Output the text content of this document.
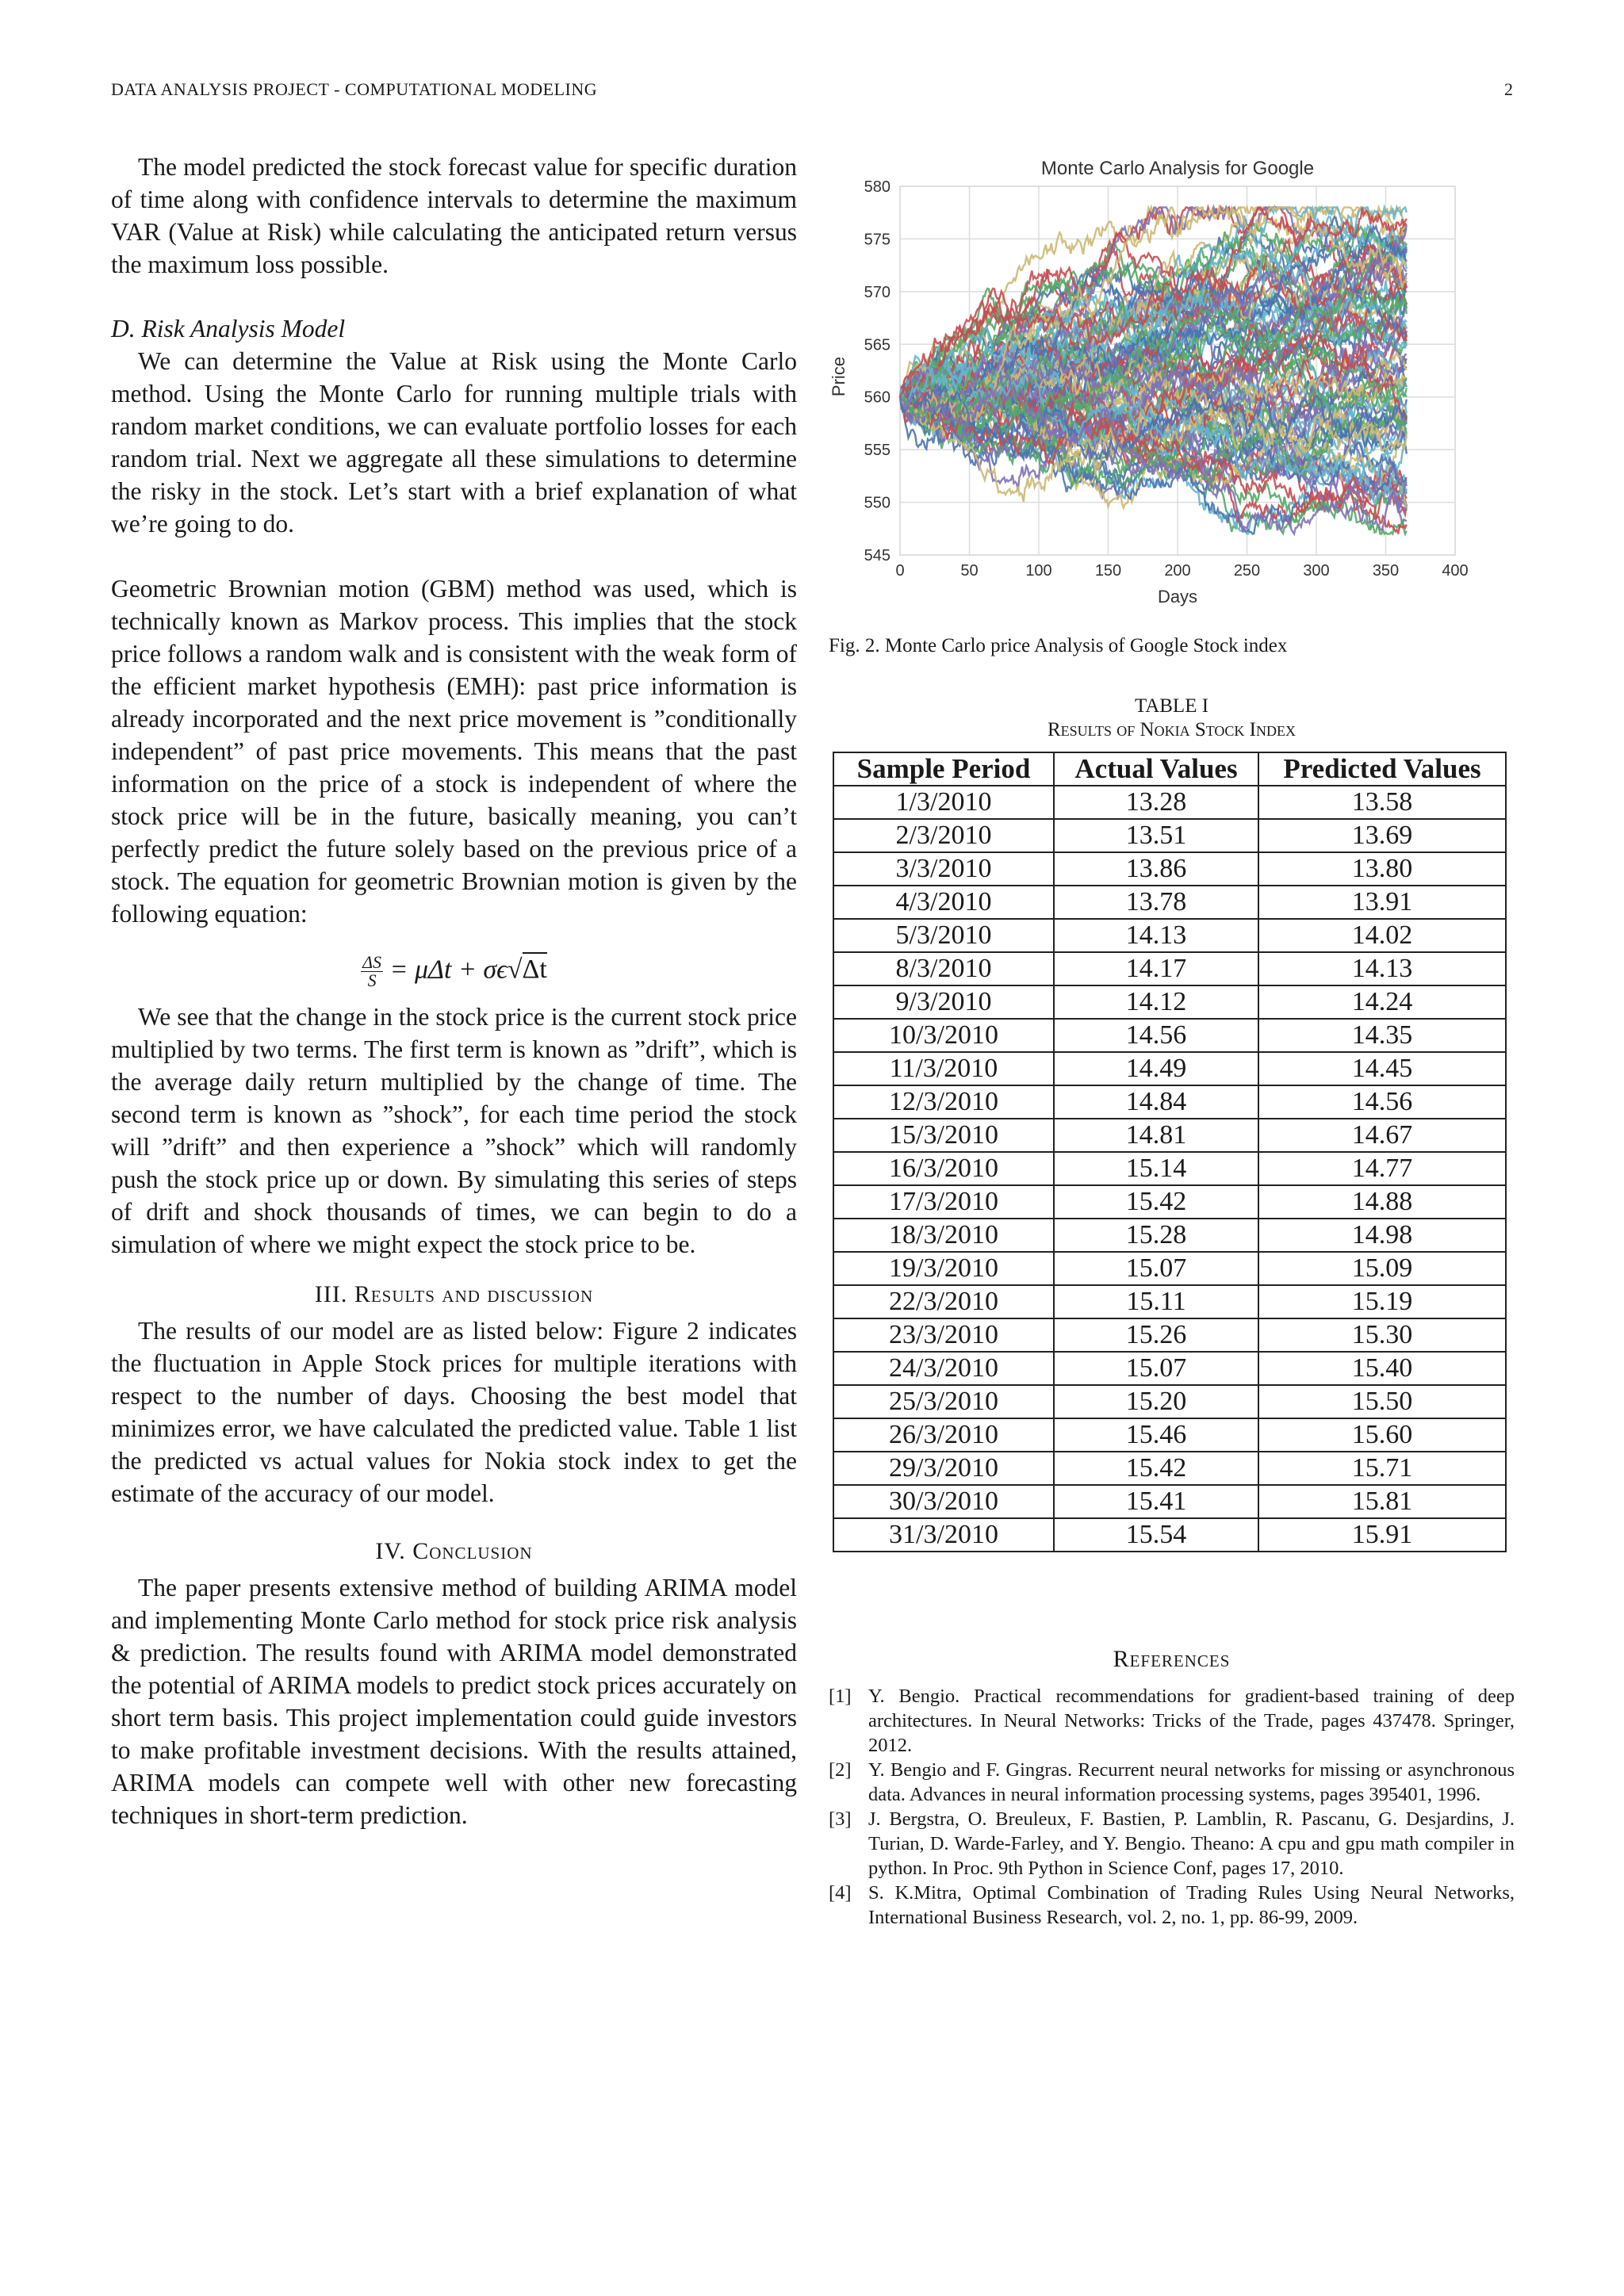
DATA ANALYSIS PROJECT - COMPUTATIONAL MODELING	2

The model predicted the stock forecast value for specific duration of time along with confidence intervals to determine the maximum VAR (Value at Risk) while calculating the anticipated return versus the maximum loss possible.

D. Risk Analysis Model

We can determine the Value at Risk using the Monte Carlo method. Using the Monte Carlo for running multiple trials with random market conditions, we can evaluate portfolio losses for each random trial. Next we aggregate all these simulations to determine the risky in the stock. Let’s start with a brief explanation of what we’re going to do.

Geometric Brownian motion (GBM) method was used, which is technically known as Markov process. This implies that the stock price follows a random walk and is consistent with the weak form of the efficient market hypothesis (EMH): past price information is already incorporated and the next price movement is ”conditionally independent” of past price movements. This means that the past information on the price of a stock is independent of where the stock price will be in the future, basically meaning, you can’t perfectly predict the future solely based on the previous price of a stock. The equation for geometric Brownian motion is given by the following equation:

$\frac{\Delta S}{S} = \mu\Delta t + \sigma\epsilon√\Delta t$

We see that the change in the stock price is the current stock price multiplied by two terms. The first term is known as ”drift”, which is the average daily return multiplied by the change of time. The second term is known as ”shock”, for each time period the stock will ”drift” and then experience a ”shock” which will randomly push the stock price up or down. By simulating this series of steps of drift and shock thousands of times, we can begin to do a simulation of where we might expect the stock price to be.

III. Results and discussion

The results of our model are as listed below: Figure 2 indicates the fluctuation in Apple Stock prices for multiple iterations with respect to the number of days. Choosing the best model that minimizes error, we have calculated the predicted value. Table 1 list the predicted vs actual values for Nokia stock index to get the estimate of the accuracy of our model.

IV. Conclusion

The paper presents extensive method of building ARIMA model and implementing Monte Carlo method for stock price risk analysis & prediction. The results found with ARIMA model demonstrated the potential of ARIMA models to predict stock prices accurately on short term basis. This project implementation could guide investors to make profitable investment decisions. With the results attained, ARIMA models can compete well with other new forecasting techniques in short-term prediction.

Monte Carlo Analysis for Google
0	50	100	150	200	250	300	350	400
545
550
555
560
565
570
575
580
Days
Price
Fig. 2. Monte Carlo price Analysis of Google Stock index

TABLE I

Results of Nokia Stock Index

Sample Period	Actual Values	Predicted Values
1/3/2010	13.28	13.58
2/3/2010	13.51	13.69
3/3/2010	13.86	13.80
4/3/2010	13.78	13.91
5/3/2010	14.13	14.02
8/3/2010	14.17	14.13
9/3/2010	14.12	14.24
10/3/2010	14.56	14.35
11/3/2010	14.49	14.45
12/3/2010	14.84	14.56
15/3/2010	14.81	14.67
16/3/2010	15.14	14.77
17/3/2010	15.42	14.88
18/3/2010	15.28	14.98
19/3/2010	15.07	15.09
22/3/2010	15.11	15.19
23/3/2010	15.26	15.30
24/3/2010	15.07	15.40
25/3/2010	15.20	15.50
26/3/2010	15.46	15.60
29/3/2010	15.42	15.71
30/3/2010	15.41	15.81
31/3/2010	15.54	15.91

References

[1] Y. Bengio. Practical recommendations for gradient-based training of deep architectures. In Neural Networks: Tricks of the Trade, pages 437478. Springer, 2012.

[2] Y. Bengio and F. Gingras. Recurrent neural networks for missing or asynchronous data. Advances in neural information processing systems, pages 395401, 1996.

[3] J. Bergstra, O. Breuleux, F. Bastien, P. Lamblin, R. Pascanu, G. Desjardins, J. Turian, D. Warde-Farley, and Y. Bengio. Theano: A cpu and gpu math compiler in python. In Proc. 9th Python in Science Conf, pages 17, 2010.

[4] S. K.Mitra, Optimal Combination of Trading Rules Using Neural Networks, International Business Research, vol. 2, no. 1, pp. 86-99, 2009.
